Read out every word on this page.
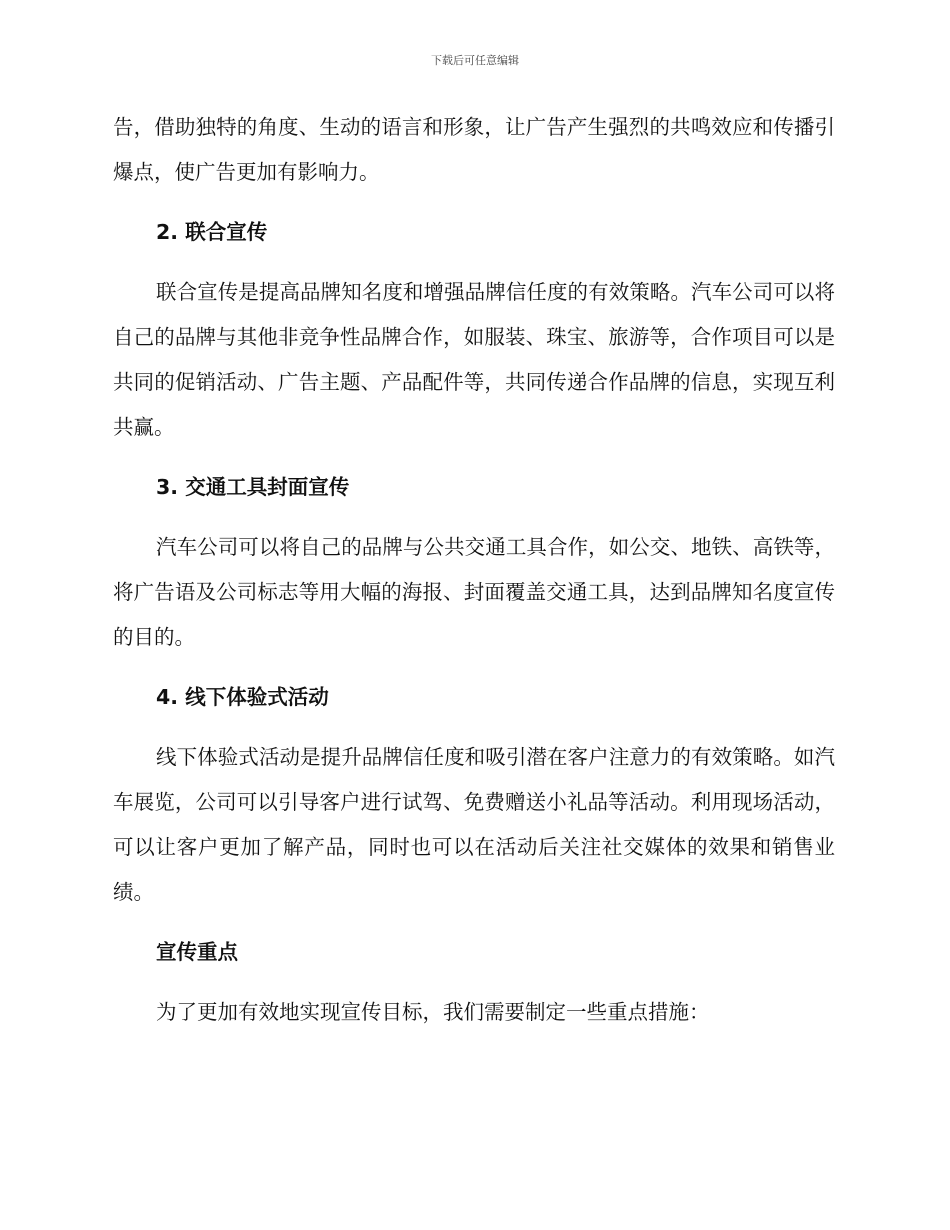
下载后可任意编辑

告，借助独特的角度、生动的语言和形象，让广告产生强烈的共鸣效应和传播引爆点，使广告更加有影响力。

2. 联合宣传

联合宣传是提高品牌知名度和增强品牌信任度的有效策略。汽车公司可以将自己的品牌与其他非竞争性品牌合作，如服装、珠宝、旅游等，合作项目可以是共同的促销活动、广告主题、产品配件等，共同传递合作品牌的信息，实现互利共赢。

3. 交通工具封面宣传

汽车公司可以将自己的品牌与公共交通工具合作，如公交、地铁、高铁等，将广告语及公司标志等用大幅的海报、封面覆盖交通工具，达到品牌知名度宣传的目的。

4. 线下体验式活动

线下体验式活动是提升品牌信任度和吸引潜在客户注意力的有效策略。如汽车展览，公司可以引导客户进行试驾、免费赠送小礼品等活动。利用现场活动，可以让客户更加了解产品，同时也可以在活动后关注社交媒体的效果和销售业绩。

宣传重点

为了更加有效地实现宣传目标，我们需要制定一些重点措施：
